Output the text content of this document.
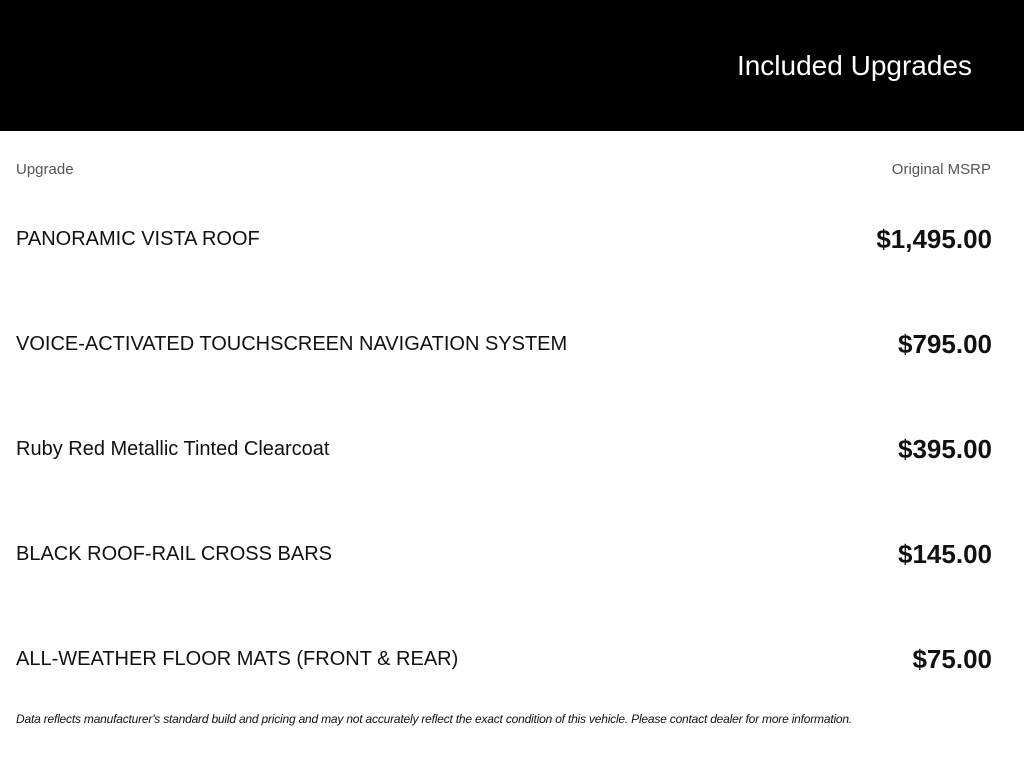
Included Upgrades
Upgrade	Original MSRP
PANORAMIC VISTA ROOF	$1,495.00
VOICE-ACTIVATED TOUCHSCREEN NAVIGATION SYSTEM	$795.00
Ruby Red Metallic Tinted Clearcoat	$395.00
BLACK ROOF-RAIL CROSS BARS	$145.00
ALL-WEATHER FLOOR MATS (FRONT & REAR)	$75.00
Data reflects manufacturer's standard build and pricing and may not accurately reflect the exact condition of this vehicle. Please contact dealer for more information.
